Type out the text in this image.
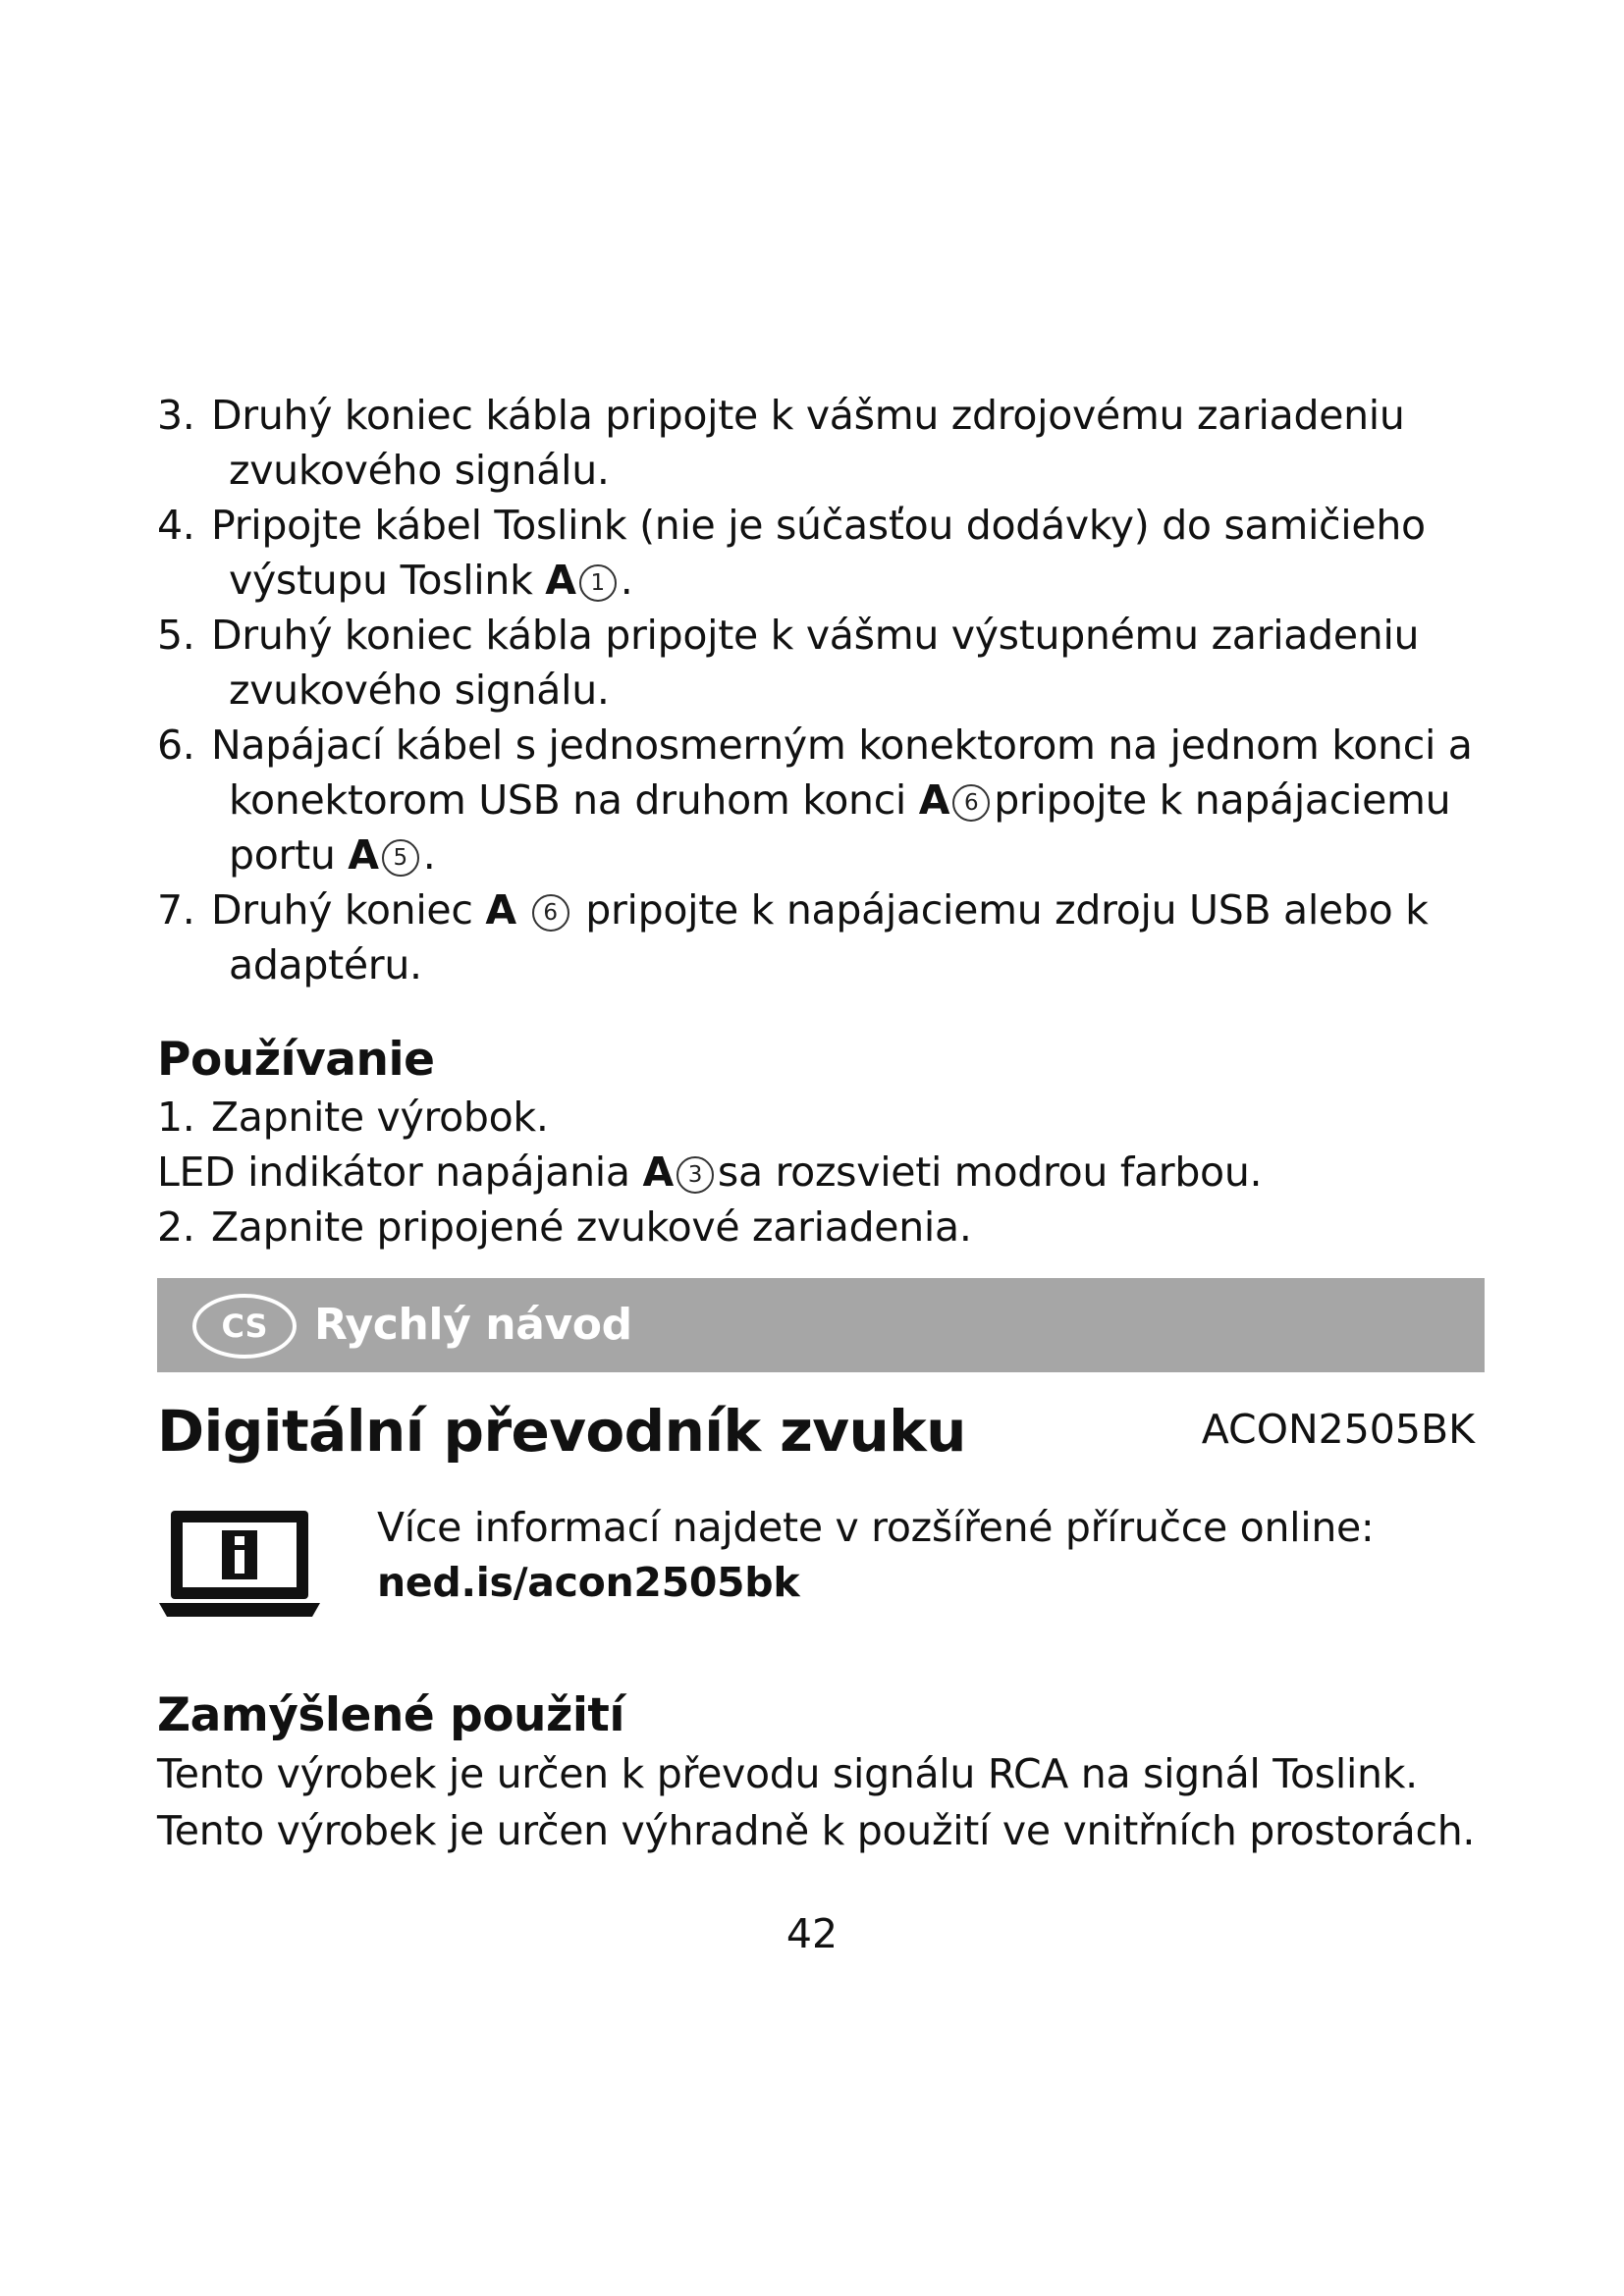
3. Druhý koniec kábla pripojte k vášmu zdrojovému zariadeniu
zvukového signálu.
4. Pripojte kábel Toslink (nie je súčasťou dodávky) do samičieho
výstupu Toslink A 1 .
5. Druhý koniec kábla pripojte k vášmu výstupnému zariadeniu
zvukového signálu.
6. Napájací kábel s jednosmerným konektorom na jednom konci a
konektorom USB na druhom konci A 6 pripojte k napájaciemu
portu A 5 .
7. Druhý koniec A 6 pripojte k napájaciemu zdroju USB alebo k
adaptéru.
Používanie
1. Zapnite výrobok.
LED indikátor napájania A 3 sa rozsvieti modrou farbou.
2. Zapnite pripojené zvukové zariadenia.
CS	Rychlý návod
Digitální převodník zvuku	ACON2505BK
Více informací najdete v rozšířené příručce online:
ned.is/acon2505bk
Zamýšlené použití
Tento výrobek je určen k převodu signálu RCA na signál Toslink.
Tento výrobek je určen výhradně k použití ve vnitřních prostorách.
42
